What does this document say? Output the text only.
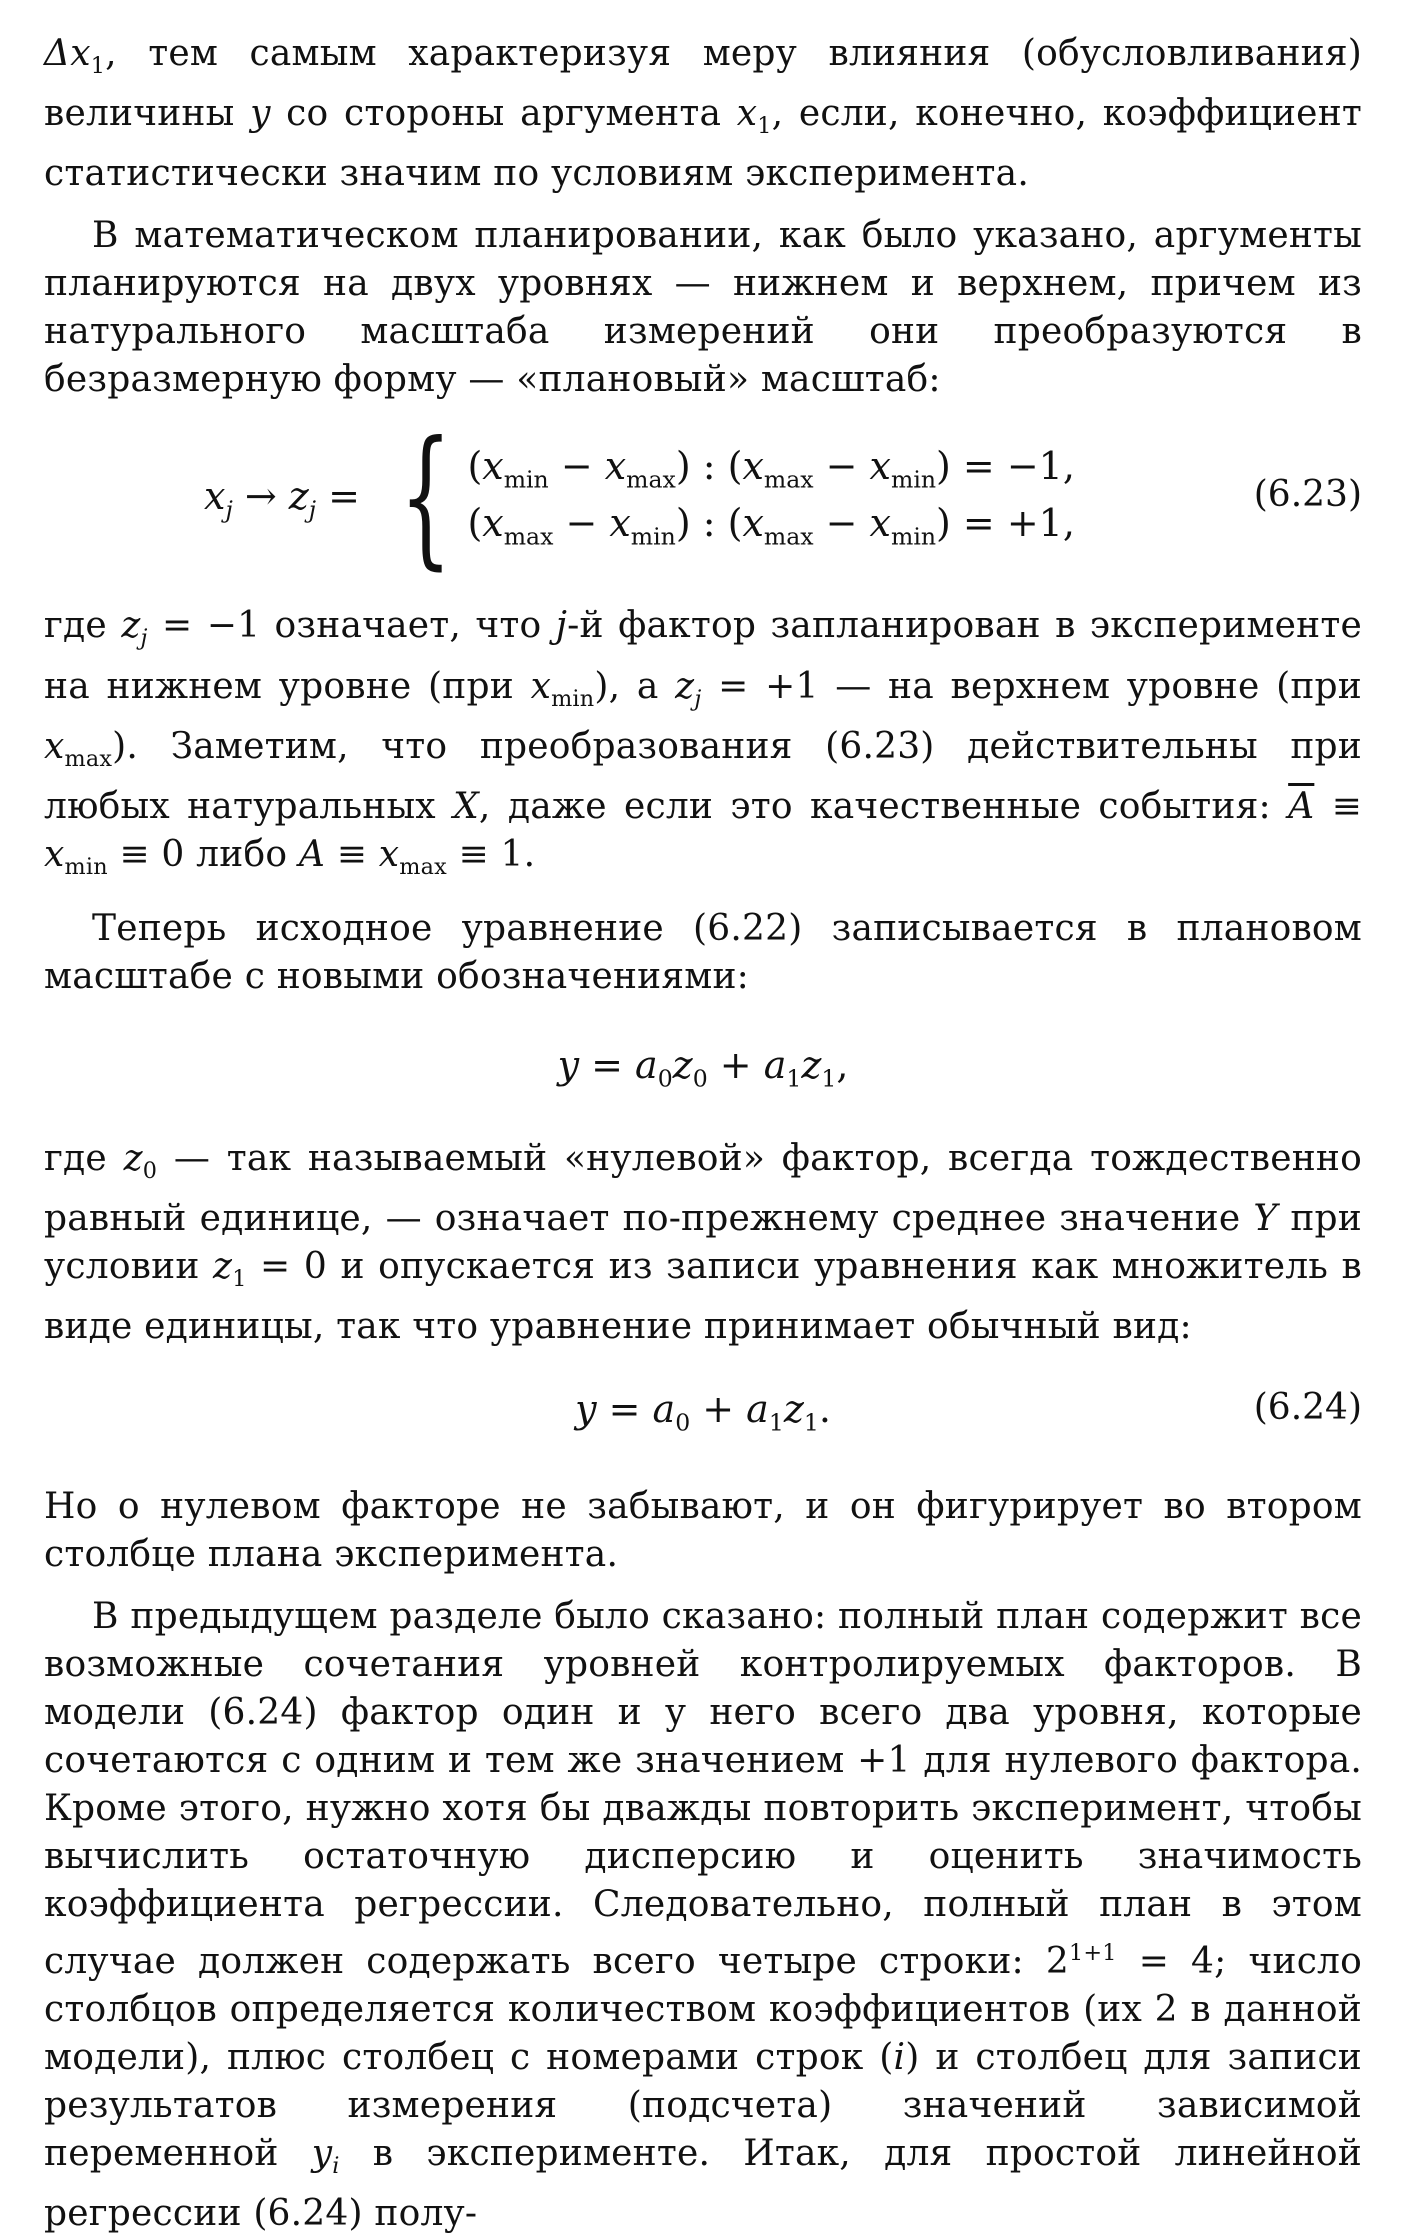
$\Delta x_1$, тем самым характеризуя меру влияния (обусловливания) величины y со стороны аргумента $x_1$, если, конечно, коэффициент статистически значим по условиям эксперимента.

В математическом планировании, как было указано, аргументы планируются на двух уровнях — нижнем и верхнем, причем из натурального масштаба измерений они преобразуются в безразмерную форму — «плановый» масштаб:

$x_j \to z_j$ = { $(x_{min} - x_{max})$ : $(x_{max} - x_{min}) = -1$,
$(x_{max} - x_{min})$ : $(x_{max} - x_{min}) = +1$,
(6.23)

где $z_j = -1$ означает, что j-й фактор запланирован в эксперименте на нижнем уровне (при $x_{min}$), а $z_j = +1$ — на верхнем уровне (при $x_{max}$). Заметим, что преобразования (6.23) действительны при любых натуральных X, даже если это качественные события: $\overline{A} \equiv x_{min} \equiv 0$ либо $A \equiv x_{max} \equiv 1$.

Теперь исходное уравнение (6.22) записывается в плановом масштабе с новыми обозначениями:

$y = a_0z_0 + a_1z_1$,

где $z_0$ — так называемый «нулевой» фактор, всегда тождественно равный единице, — означает по-прежнему среднее значение Y при условии $z_1 = 0$ и опускается из записи уравнения как множитель в виде единицы, так что уравнение принимает обычный вид:

$y = a_0 + a_1z_1$.	(6.24)

Но о нулевом факторе не забывают, и он фигурирует во втором столбце плана эксперимента.

В предыдущем разделе было сказано: полный план содержит все возможные сочетания уровней контролируемых факторов. В модели (6.24) фактор один и у него всего два уровня, которые сочетаются с одним и тем же значением +1 для нулевого фактора. Кроме этого, нужно хотя бы дважды повторить эксперимент, чтобы вычислить остаточную дисперсию и оценить значимость коэффициента регрессии. Следовательно, полный план в этом случае должен содержать всего четыре строки: $2^{1+1} = 4$; число столбцов определяется количеством коэффициентов (их 2 в данной модели), плюс столбец с номерами строк (i) и столбец для записи результатов измерения (подсчета) значений зависимой переменной $y_i$ в эксперименте. Итак, для простой линейной регрессии (6.24) полу-
